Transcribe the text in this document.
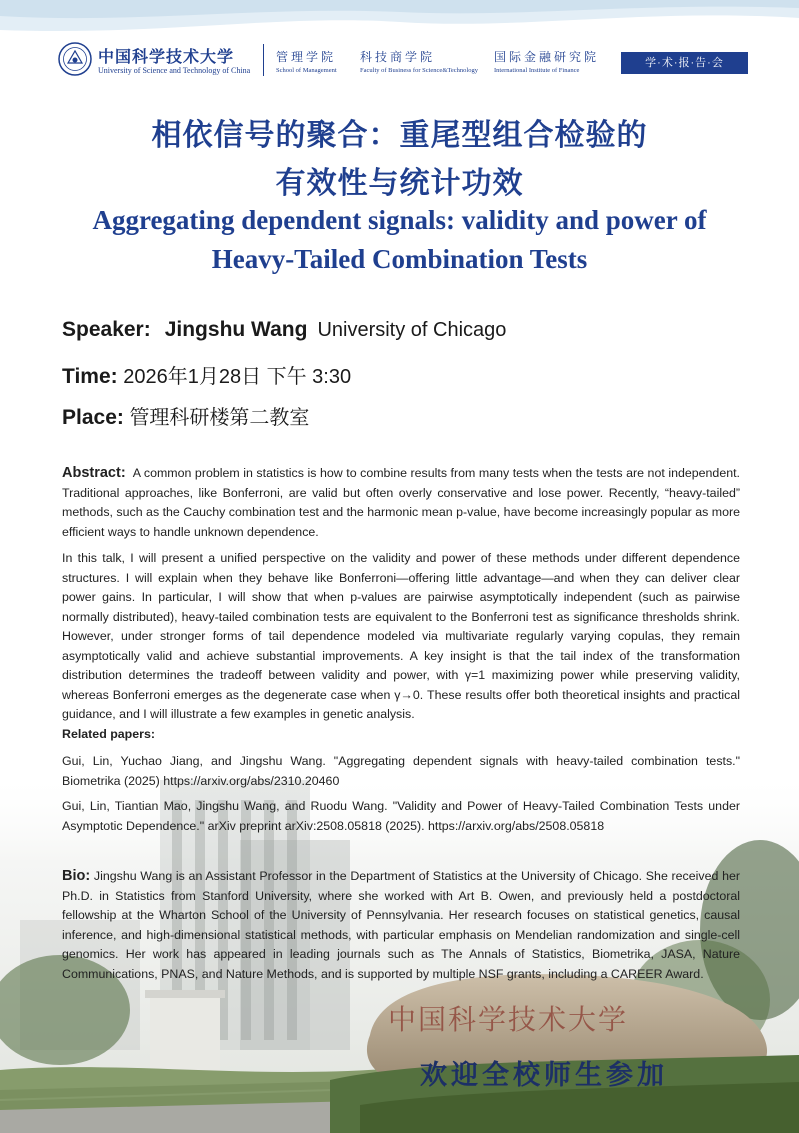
中国科学技术大学
欢迎全校师生参加
中国科学技术大学
University of Science and Technology of China
管理学院
School of Management
科技商学院
Faculty of Business for Science&Technology
国际金融研究院
International Institute of Finance
学·术·报·告·会
相依信号的聚合：重尾型组合检验的
有效性与统计功效
Aggregating dependent signals: validity and power of
Heavy-Tailed Combination Tests
Speaker: Jingshu Wang University of Chicago
Time: 2026年1月28日 下午 3:30
Place: 管理科研楼第二教室

Abstract: A common problem in statistics is how to combine results from many tests when the tests are not independent. Traditional approaches, like Bonferroni, are valid but often overly conservative and lose power. Recently, “heavy-tailed” methods, such as the Cauchy combination test and the harmonic mean p-value, have become increasingly popular as more efficient ways to handle unknown dependence.

In this talk, I will present a unified perspective on the validity and power of these methods under different dependence structures. I will explain when they behave like Bonferroni—offering little advantage—and when they can deliver clear power gains. In particular, I will show that when p-values are pairwise asymptotically independent (such as pairwise normally distributed), heavy-tailed combination tests are equivalent to the Bonferroni test as significance thresholds shrink. However, under stronger forms of tail dependence modeled via multivariate regularly varying copulas, they remain asymptotically valid and achieve substantial improvements. A key insight is that the tail index of the transformation distribution determines the tradeoff between validity and power, with γ=1 maximizing power while preserving validity, whereas Bonferroni emerges as the degenerate case when γ→0. These results offer both theoretical insights and practical guidance, and I will illustrate a few examples in genetic analysis.

Related papers:
Gui, Lin, Yuchao Jiang, and Jingshu Wang. "Aggregating dependent signals with heavy-tailed combination tests." Biometrika (2025) https://arxiv.org/abs/2310.20460
Gui, Lin, Tiantian Mao, Jingshu Wang, and Ruodu Wang. "Validity and Power of Heavy-Tailed Combination Tests under Asymptotic Dependence." arXiv preprint arXiv:2508.05818 (2025). https://arxiv.org/abs/2508.05818

Bio: Jingshu Wang is an Assistant Professor in the Department of Statistics at the University of Chicago. She received her Ph.D. in Statistics from Stanford University, where she worked with Art B. Owen, and previously held a postdoctoral fellowship at the Wharton School of the University of Pennsylvania. Her research focuses on statistical genetics, causal inference, and high-dimensional statistical methods, with particular emphasis on Mendelian randomization and single-cell genomics. Her work has appeared in leading journals such as The Annals of Statistics, Biometrika, JASA, Nature Communications, PNAS, and Nature Methods, and is supported by multiple NSF grants, including a CAREER Award.
